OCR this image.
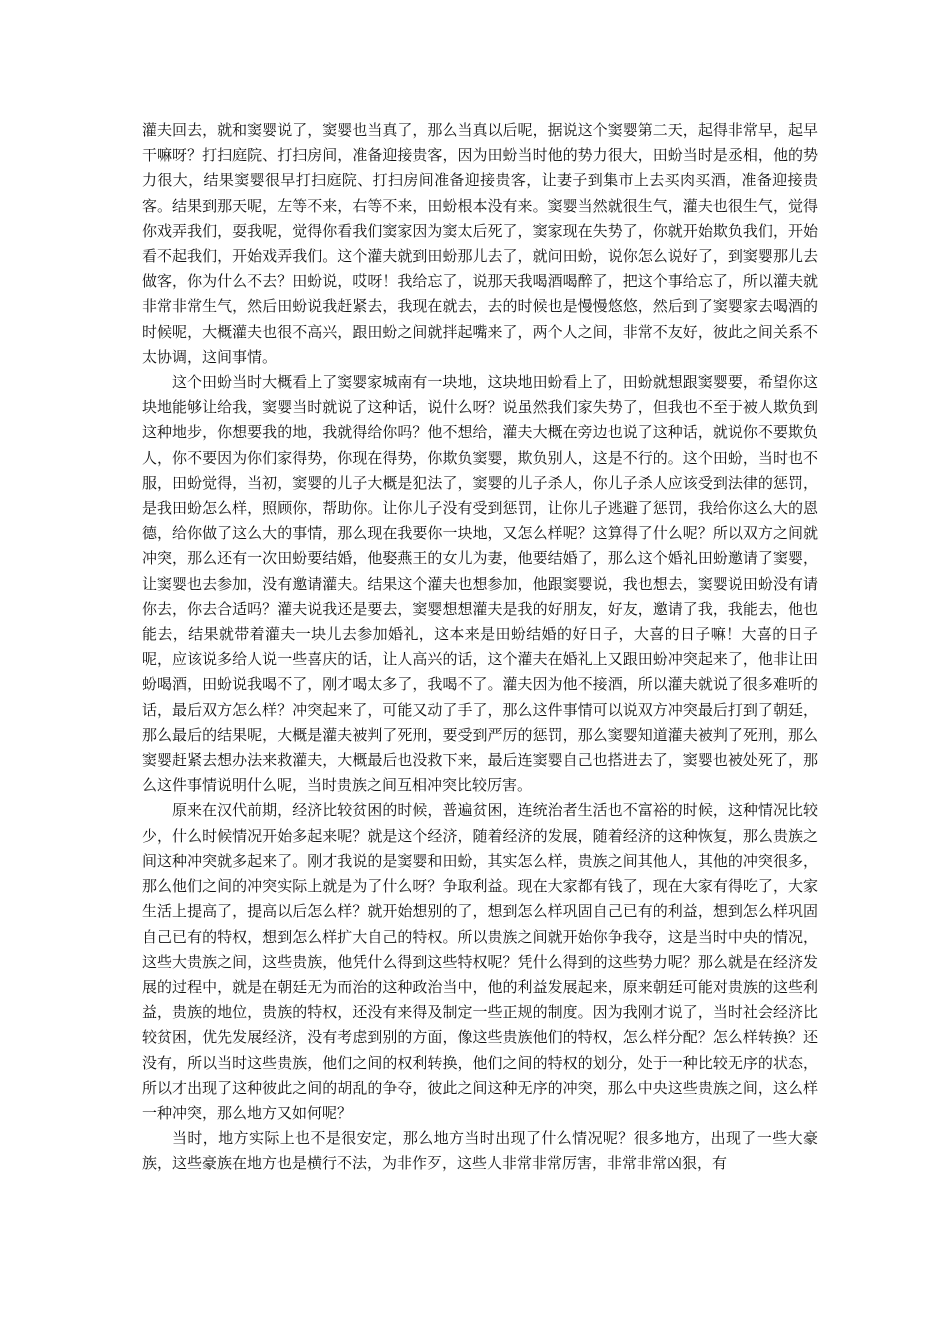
灌夫回去，就和窦婴说了，窦婴也当真了，那么当真以后呢，据说这个窦婴第二天，起得非常早，起早干嘛呀？打扫庭院、打扫房间，准备迎接贵客，因为田蚡当时他的势力很大，田蚡当时是丞相，他的势力很大，结果窦婴很早打扫庭院、打扫房间准备迎接贵客，让妻子到集市上去买肉买酒，准备迎接贵客。结果到那天呢，左等不来，右等不来，田蚡根本没有来。窦婴当然就很生气，灌夫也很生气，觉得你戏弄我们，耍我呢，觉得你看我们窦家因为窦太后死了，窦家现在失势了，你就开始欺负我们，开始看不起我们，开始戏弄我们。这个灌夫就到田蚡那儿去了，就问田蚡，说你怎么说好了，到窦婴那儿去做客，你为什么不去？田蚡说，哎呀！我给忘了，说那天我喝酒喝醉了，把这个事给忘了，所以灌夫就非常非常生气，然后田蚡说我赶紧去，我现在就去，去的时候也是慢慢悠悠，然后到了窦婴家去喝酒的时候呢，大概灌夫也很不高兴，跟田蚡之间就拌起嘴来了，两个人之间，非常不友好，彼此之间关系不太协调，这间事情。

这个田蚡当时大概看上了窦婴家城南有一块地，这块地田蚡看上了，田蚡就想跟窦婴要，希望你这块地能够让给我，窦婴当时就说了这种话，说什么呀？说虽然我们家失势了，但我也不至于被人欺负到这种地步，你想要我的地，我就得给你吗？他不想给，灌夫大概在旁边也说了这种话，就说你不要欺负人，你不要因为你们家得势，你现在得势，你欺负窦婴，欺负别人，这是不行的。这个田蚡，当时也不服，田蚡觉得，当初，窦婴的儿子大概是犯法了，窦婴的儿子杀人，你儿子杀人应该受到法律的惩罚，是我田蚡怎么样，照顾你，帮助你。让你儿子没有受到惩罚，让你儿子逃避了惩罚，我给你这么大的恩德，给你做了这么大的事情，那么现在我要你一块地，又怎么样呢？这算得了什么呢？所以双方之间就冲突，那么还有一次田蚡要结婚，他娶燕王的女儿为妻，他要结婚了，那么这个婚礼田蚡邀请了窦婴，让窦婴也去参加，没有邀请灌夫。结果这个灌夫也想参加，他跟窦婴说，我也想去，窦婴说田蚡没有请你去，你去合适吗？灌夫说我还是要去，窦婴想想灌夫是我的好朋友，好友，邀请了我，我能去，他也能去，结果就带着灌夫一块儿去参加婚礼，这本来是田蚡结婚的好日子，大喜的日子嘛！大喜的日子呢，应该说多给人说一些喜庆的话，让人高兴的话，这个灌夫在婚礼上又跟田蚡冲突起来了，他非让田蚡喝酒，田蚡说我喝不了，刚才喝太多了，我喝不了。灌夫因为他不接酒，所以灌夫就说了很多难听的话，最后双方怎么样？冲突起来了，可能又动了手了，那么这件事情可以说双方冲突最后打到了朝廷，那么最后的结果呢，大概是灌夫被判了死刑，要受到严厉的惩罚，那么窦婴知道灌夫被判了死刑，那么窦婴赶紧去想办法来救灌夫，大概最后也没救下来，最后连窦婴自己也搭进去了，窦婴也被处死了，那么这件事情说明什么呢，当时贵族之间互相冲突比较厉害。

原来在汉代前期，经济比较贫困的时候，普遍贫困，连统治者生活也不富裕的时候，这种情况比较少，什么时候情况开始多起来呢？就是这个经济，随着经济的发展，随着经济的这种恢复，那么贵族之间这种冲突就多起来了。刚才我说的是窦婴和田蚡，其实怎么样，贵族之间其他人，其他的冲突很多，那么他们之间的冲突实际上就是为了什么呀？争取利益。现在大家都有钱了，现在大家有得吃了，大家生活上提高了，提高以后怎么样？就开始想别的了，想到怎么样巩固自己已有的利益，想到怎么样巩固自己已有的特权，想到怎么样扩大自己的特权。所以贵族之间就开始你争我夺，这是当时中央的情况，这些大贵族之间，这些贵族，他凭什么得到这些特权呢？凭什么得到的这些势力呢？那么就是在经济发展的过程中，就是在朝廷无为而治的这种政治当中，他的利益发展起来，原来朝廷可能对贵族的这些利益，贵族的地位，贵族的特权，还没有来得及制定一些正规的制度。因为我刚才说了，当时社会经济比较贫困，优先发展经济，没有考虑到别的方面，像这些贵族他们的特权，怎么样分配？怎么样转换？还没有，所以当时这些贵族，他们之间的权利转换，他们之间的特权的划分，处于一种比较无序的状态，所以才出现了这种彼此之间的胡乱的争夺，彼此之间这种无序的冲突，那么中央这些贵族之间，这么样一种冲突，那么地方又如何呢？

当时，地方实际上也不是很安定，那么地方当时出现了什么情况呢？很多地方，出现了一些大豪族，这些豪族在地方也是横行不法，为非作歹，这些人非常非常厉害，非常非常凶狠，有
